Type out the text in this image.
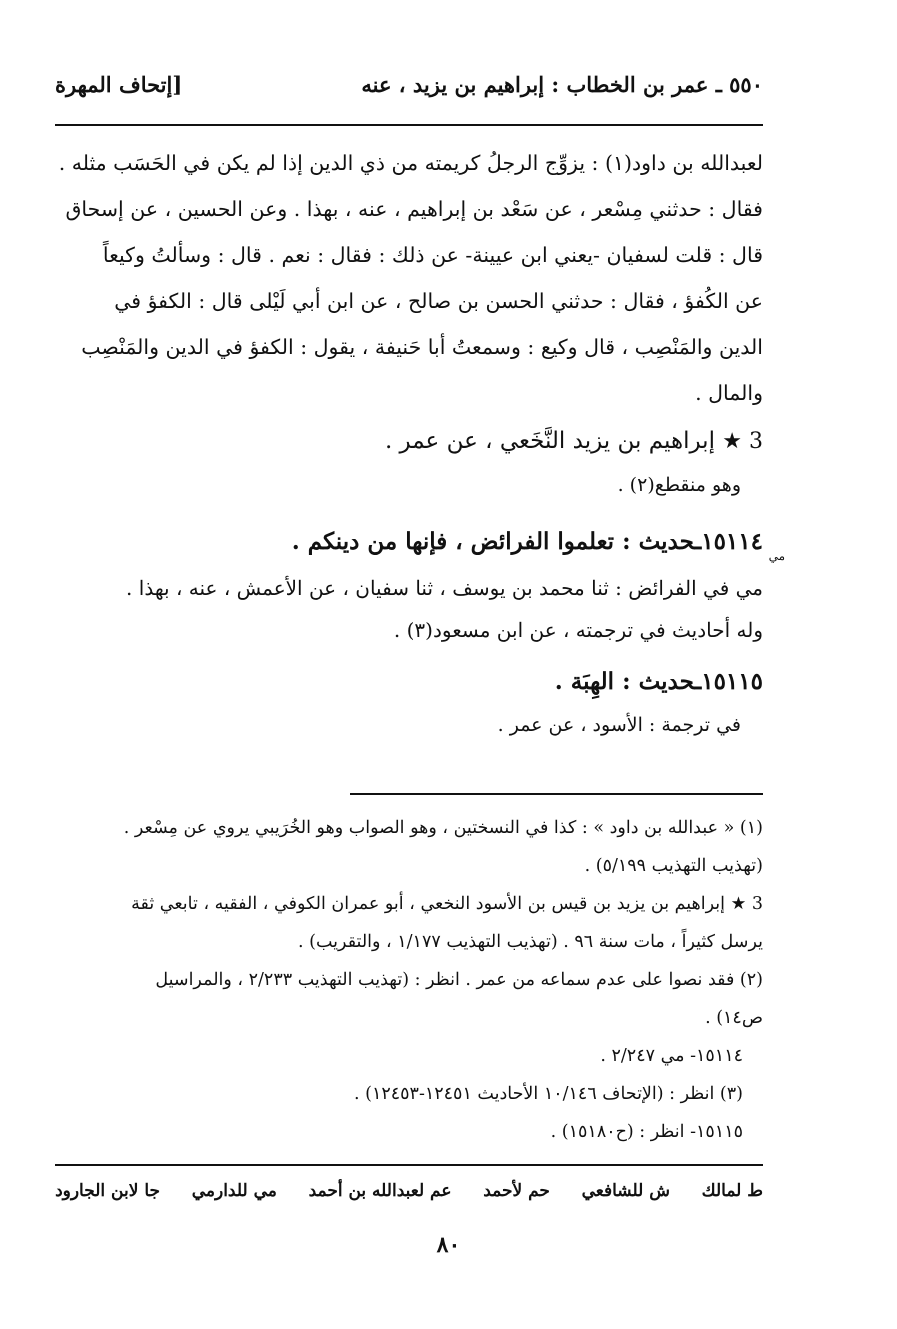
٥٥٠ ـ عمر بن الخطاب : إبراهيم بن يزيد ، عنه
[إتحاف المهرة

لعبدالله بن داود(١) : يزوِّج الرجلُ كريمته من ذي الدين إذا لم يكن في الحَسَب مثله .

فقال : حدثني مِسْعر ، عن سَعْد بن إبراهيم ، عنه ، بهذا . وعن الحسين ، عن إسحاق

قال : قلت لسفيان -يعني ابن عيينة- عن ذلك : فقال : نعم . قال : وسألتُ وكيعاً

عن الكُفؤ ، فقال : حدثني الحسن بن صالح ، عن ابن أبي لَيْلى قال : الكفؤ في

الدين والمَنْصِب ، قال وكيع : وسمعتُ أبا حَنيفة ، يقول : الكفؤ في الدين والمَنْصِب

والمال .

3 ★ إبراهيم بن يزيد النَّخَعي ، عن عمر .

وهو منقطع(٢) .

١٥١١٤ـحديث : تعلموا الفرائض ، فإنها من دينكم .

مي

مي في الفرائض : ثنا محمد بن يوسف ، ثنا سفيان ، عن الأعمش ، عنه ، بهذا .

وله أحاديث في ترجمته ، عن ابن مسعود(٣) .

١٥١١٥ـحديث : الهِبَة .

في ترجمة : الأسود ، عن عمر .

(١) « عبدالله بن داود » : كذا في النسختين ، وهو الصواب وهو الخُرَيبي يروي عن مِسْعر .

(تهذيب التهذيب ٥/١٩٩) .

3 ★ إبراهيم بن يزيد بن قيس بن الأسود النخعي ، أبو عمران الكوفي ، الفقيه ، تابعي ثقة

يرسل كثيراً ، مات سنة ٩٦ . (تهذيب التهذيب ١/١٧٧ ، والتقريب) .

(٢) فقد نصوا على عدم سماعه من عمر . انظر : (تهذيب التهذيب ٢/٢٣٣ ، والمراسيل

ص١٤) .

١٥١١٤- مي ٢/٢٤٧ .

(٣) انظر : (الإتحاف ١٠/١٤٦ الأحاديث ١٢٤٥١-١٢٤٥٣) .

١٥١١٥- انظر : (ح١٥١٨٠) .

ط لمالك
ش للشافعي
حم لأحمد
عم لعبدالله بن أحمد
مي للدارمي
جا لابن الجارود
٨٠
